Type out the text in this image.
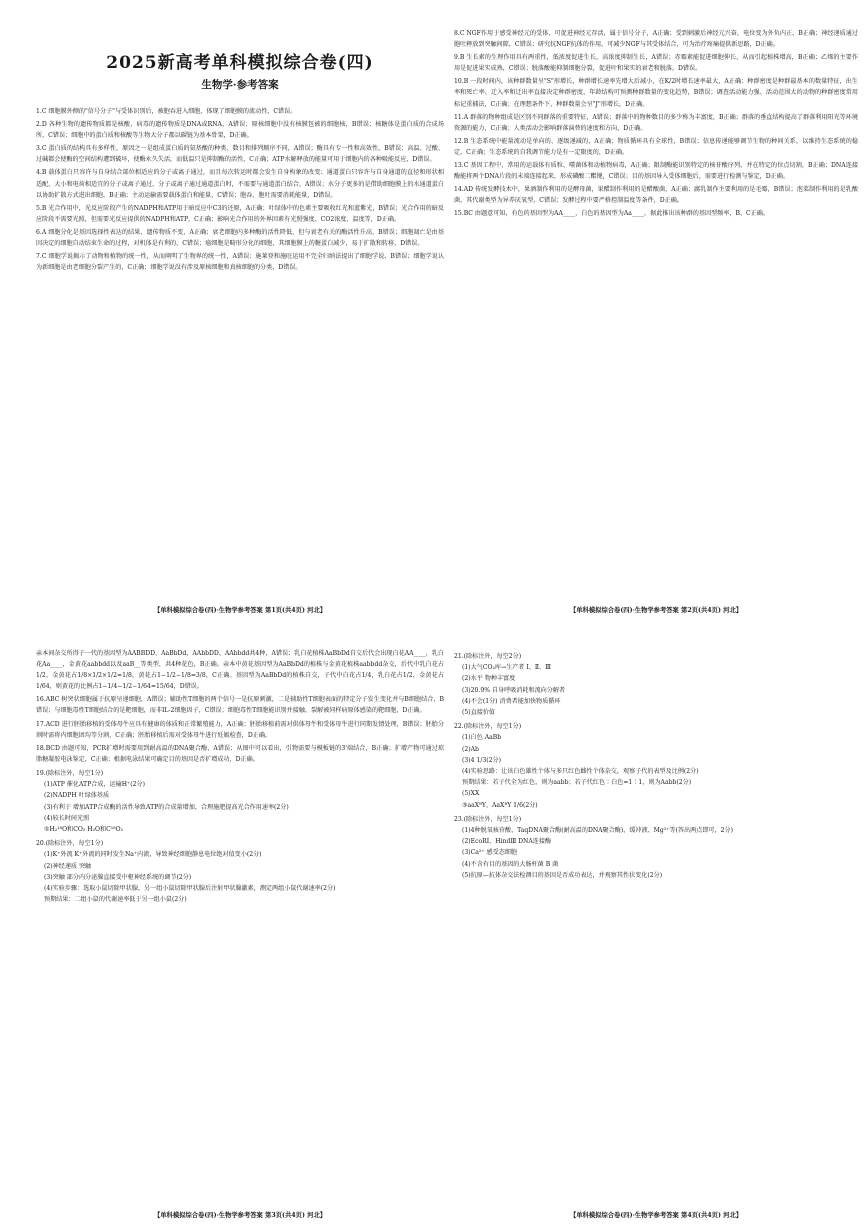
2025新高考单科模拟综合卷(四)
生物学·参考答案

1.C 细胞膜外侧的"信号分子"与受体识别后，被胞吞进入细胞，体现了细胞膜的流动性，C错误。

2.D 各种生物的遗传物质都是核酸，病毒的遗传物质是DNA或RNA，A错误；原核细胞中没有核膜包被的细胞核，B错误；核糖体是蛋白质的合成场所，C错误；细胞中的蛋白质和核酸等生物大分子都以碳链为基本骨架，D正确。

3.C 蛋白质的结构具有多样性，原因之一是组成蛋白质的氨基酸的种类、数目和排列顺序不同，A错误；酶具有专一性和高效性，B错误；高温、过酸、过碱都会使酶的空间结构遭到破坏，使酶永久失活，而低温只是抑制酶的活性，C正确；ATP水解释放的能量可用于细胞内的各种吸能反应，D错误。

4.B 载体蛋白只容许与自身结合部位相适应的分子或离子通过，而且每次转运时都会发生自身构象的改变；通道蛋白只容许与自身通道的直径和形状相适配、大小和电荷相适宜的分子或离子通过，分子或离子通过通道蛋白时，不需要与通道蛋白结合，A错误；水分子更多的是借助细胞膜上的水通道蛋白以协助扩散方式进出细胞，B正确；主动运输需要载体蛋白和能量，C错误；胞吞、胞吐需要消耗能量，D错误。

5.B 光合作用中，光反应阶段产生的NADPH和ATP用于暗反应中C3的还原，A正确；叶绿体中的色素主要吸收红光和蓝紫光，B错误；光合作用的暗反应阶段不需要光照，但需要光反应提供的NADPH和ATP，C正确；影响光合作用的外界因素有光照强度、CO2浓度、温度等，D正确。

6.A 细胞分化是基因选择性表达的结果，遗传物质不变，A正确；衰老细胞内多种酶的活性降低，但与衰老有关的酶活性升高，B错误；细胞凋亡是由基因决定的细胞自动结束生命的过程，对机体是有利的，C错误；癌细胞是畸形分化的细胞，其细胞膜上的糖蛋白减少，易于扩散和转移，D错误。

7.C 细胞学说揭示了动物和植物的统一性，从而阐明了生物界的统一性，A错误；施莱登和施旺运用不完全归纳法提出了细胞学说，B错误；细胞学说认为新细胞是由老细胞分裂产生的，C正确；细胞学说没有涉及原核细胞和真核细胞的分类，D错误。

【单科模拟综合卷(四)·生物学参考答案 第1页(共4页) 河北】

8.C NGF作用于感受神经元的受体，可促进神经元存活，属于信号分子，A正确；受到刺激后神经元兴奋，电位变为外负内正，B正确；神经递质通过胞吐释放到突触间隙，C错误；研究抗NGF抗体的作用，可减少NGF与其受体结合，可为治疗疼痛提供新思路，D正确。

9.B 生长素的生理作用具有两重性，低浓度促进生长，高浓度抑制生长，A错误；赤霉素能促进细胞伸长，从而引起植株增高，B正确；乙烯的主要作用是促进果实成熟，C错误；脱落酸能抑制细胞分裂，促进叶和果实的衰老和脱落，D错误。

10.B 一段时间内，该种群数量呈"S"形增长，种群增长速率先增大后减小，在K/2时增长速率最大，A正确；种群密度是种群最基本的数量特征，出生率和死亡率、迁入率和迁出率直接决定种群密度，年龄结构可预测种群数量的变化趋势，B错误；调查活动能力强、活动范围大的动物的种群密度常用标记重捕法，C正确；在理想条件下，种群数量会呈"J"形增长，D正确。

11.A 群落的物种组成是区别不同群落的重要特征，A错误；群落中的物种数目的多少称为丰富度，B正确；群落的垂直结构提高了群落利用阳光等环境资源的能力，C正确；人类活动会影响群落演替的速度和方向，D正确。

12.B 生态系统中能量流动是单向的、逐级递减的，A正确；物质循环具有全球性，B错误；信息传递能够调节生物的种间关系，以维持生态系统的稳定，C正确；生态系统的自我调节能力是有一定限度的，D正确。

13.C 基因工程中，常用的运载体有质粒、噬菌体和动植物病毒，A正确；限制酶能识别特定的核苷酸序列，并在特定的位点切割，B正确；DNA连接酶能将两个DNA片段的末端连接起来，形成磷酸二酯键，C错误；目的基因导入受体细胞后，需要进行检测与鉴定，D正确。

14.AD 传统发酵技术中，果酒制作利用的是酵母菌，果醋制作利用的是醋酸菌，A正确；腐乳制作主要利用的是毛霉，B错误；泡菜制作利用的是乳酸菌，其代谢类型为异养厌氧型，C错误；发酵过程中要严格控制温度等条件，D正确。

15.BC 由题意可知，有色的基因型为AA____，白色的基因型为Aa____，据此推出该种群的基因型频率，B、C正确。

【单科模拟综合卷(四)·生物学参考答案 第2页(共4页) 河北】

亲本间杂交所得子一代的基因型为AABBDD、AaBbDd、AAbbDD、AAbbdd共4种，A错误；乳白花植株AaBbDd自交后代会出现白花AA____，乳白花Aa____，金黄花aabbdd以及aaB__等类型，共4种花色，B正确。亲本中黄花基因型为AaBbDd的植株与金黄花植株aabbdd杂交，后代中乳白花占1/2，金黄花占1/8×1/2×1/2=1/8，黄花占1−1/2−1/8=3/8，C正确。基因型为AaBbDd的植株自交，子代中白花占1/4，乳白花占1/2，金黄花占1/64，则黄花的比例占1−1/4−1/2−1/64=15/64，D错误。

16.ABC 树突状细胞属于抗原呈递细胞，A错误；辅助性T细胞的两个信号一是抗原刺激，二是辅助性T细胞表面的特定分子发生变化并与B细胞结合，B错误；与细胞毒性T细胞结合的是靶细胞，而非IL-2细胞因子，C错误；细胞毒性T细胞能识别并接触、裂解被同样病原体感染的靶细胞，D正确。

17.ACD 进行胚胎移植的受体母牛应具有健康的体质和正常繁殖能力，A正确；胚胎移植前需对供体母牛和受体母牛进行同期发情处理，B错误；胚胎分割时需将内细胞团均等分割，C正确；胚胎移植后需对受体母牛进行妊娠检查，D正确。

18.BCD 由题可知，PCR扩增时需要用到耐高温的DNA聚合酶，A错误；从图中可以看出，引物需要与模板链的3'端结合，B正确；扩增产物可通过琼脂糖凝胶电泳鉴定，C正确；根据电泳结果可确定目的基因是否扩增成功，D正确。

19.(除标注外，每空1分)

(1)ATP 催化ATP合成，运输H⁺(2分)

(2)NADPH 叶绿体基质

(3)有利于 增加ATP合成酶的活性导致ATP的合成量增加，合理施肥提高光合作用速率(2分)

(4)较长时间光照

⑤H₂¹⁸O和CO₂ H₂O和C¹⁸O₂

20.(除标注外，每空1分)

(1)K⁺外流 K⁺外流的同时发生Na⁺内流，导致神经细胞静息电位绝对值变小(2分)

(2)神经递质 突触

(3)突触 部分内分泌腺直接受中枢神经系统的调节(2分)

(4)实验步骤：选取小鼠切除甲状腺，另一组小鼠切除甲状腺后注射甲状腺激素，测定两组小鼠代谢速率(2分)

预期结果：二组小鼠的代谢速率低于另一组小鼠(2分)

【单科模拟综合卷(四)·生物学参考答案 第3页(共4页) 河北】

21.(除标注外，每空2分)

(1)大气CO₂库→生产者 Ⅰ、Ⅱ、Ⅲ

(2)水平 物种丰富度

(3)20.9% 自身呼吸消耗和流向分解者

(4)不会(1分) 消费者能加快物质循环

(5)直接价值

22.(除标注外，每空1分)

(1)白色 AaBb

(2)Ab

(3)4 1/3(2分)

(4)实验思路：让该白色雄性个体与多只红色雌性个体杂交，观察子代的表型及比例(2分)

预期结果：若子代全为红色，则为aabb；若子代红色∶白色=1∶1，则为Aabb(2分)

(5)XX

③aaXᴮY、AaXᴮY 1/6(2分)

23.(除标注外，每空1分)

(1)4种脱氧核苷酸、TaqDNA聚合酶(耐高温的DNA聚合酶)、缓冲液、Mg²⁺等(答出两点即可，2分)

(2)EcoRⅠ、HindⅢ DNA连接酶

(3)Ca²⁺ 感受态细胞

(4)不含有目的基因的大肠杆菌 B 菌

(5)抗原—抗体杂交法检测目的基因是否成功表达，并观察其性状变化(2分)

【单科模拟综合卷(四)·生物学参考答案 第4页(共4页) 河北】
